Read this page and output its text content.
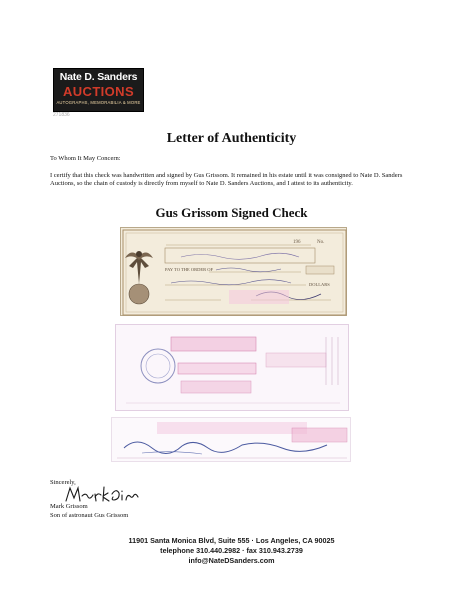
Nate D. Sanders
AUCTIONS
AUTOGRAPHS, MEMORABILIA & MORE
271836
Letter of Authenticity
To Whom It May Concern:
I certify that this check was handwritten and signed by Gus Grissom. It remained in his estate until it was consigned to Nate D. Sanders Auctions, so the chain of custody is directly from myself to Nate D. Sanders Auctions, and I attest to its authenticity.
Gus Grissom Signed Check
196	No.
PAY TO THE ORDER OF
DOLLARS
Sincerely,
Mark Grissom
Son of astronaut Gus Grissom
11901 Santa Monica Blvd, Suite 555 · Los Angeles, CA 90025
telephone 310.440.2982 · fax 310.943.2739
info@NateDSanders.com
